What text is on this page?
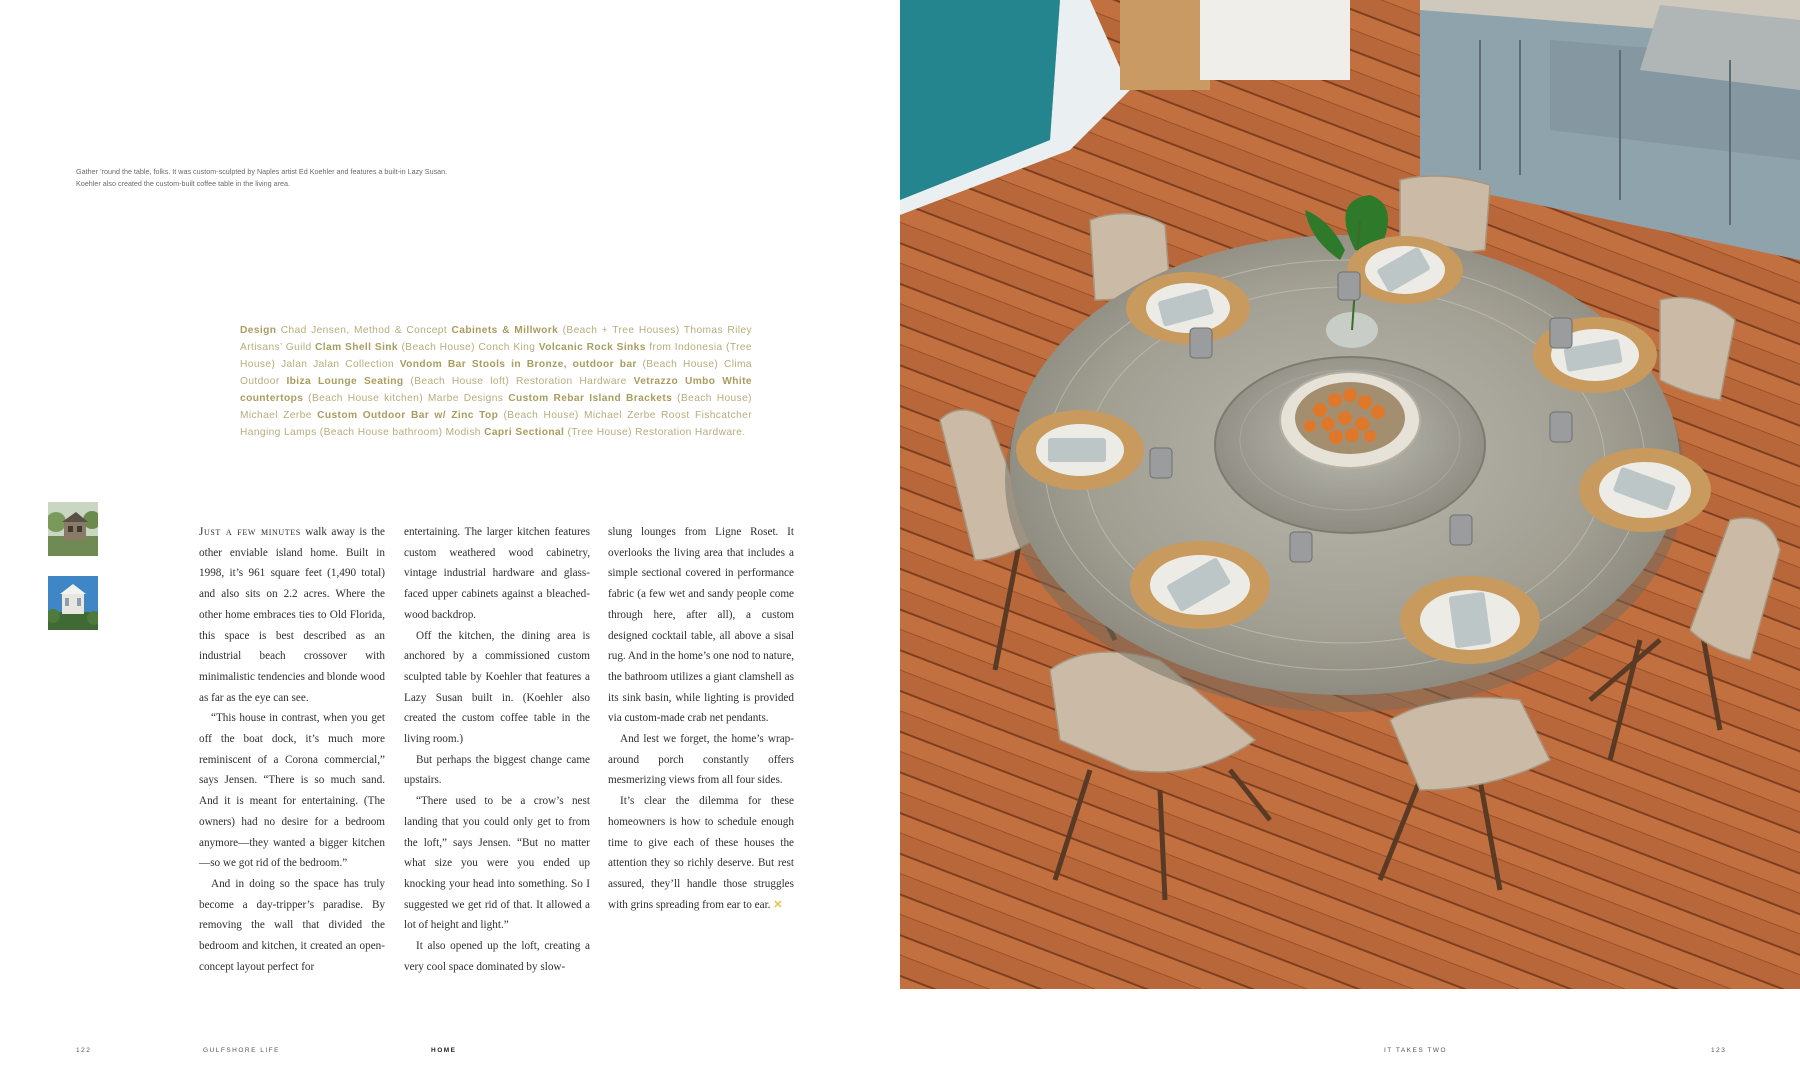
Gather ’round the table, folks. It was custom-sculpted by Naples artist Ed Koehler and features a built-in Lazy Susan. Koehler also created the custom-built coffee table in the living area.
Design Chad Jensen, Method & Concept Cabinets & Millwork (Beach + Tree Houses) Thomas Riley Artisans’ Guild Clam Shell Sink (Beach House) Conch King Volcanic Rock Sinks from Indonesia (Tree House) Jalan Jalan Collection Vondom Bar Stools in Bronze, outdoor bar (Beach House) Clima Outdoor Ibiza Lounge Seating (Beach House loft) Restoration Hardware Vetrazzo Umbo White countertops (Beach House kitchen) Marbe Designs Custom Rebar Island Brackets (Beach House) Michael Zerbe Custom Outdoor Bar w/ Zinc Top (Beach House) Michael Zerbe Roost Fishcatcher Hanging Lamps (Beach House bathroom) Modish Capri Sectional (Tree House) Restoration Hardware.

Just a few minutes walk away is the other enviable island home. Built in 1998, it’s 961 square feet (1,490 total) and also sits on 2.2 acres. Where the other home embraces ties to Old Florida, this space is best described as an industrial beach crossover with minimalistic tendencies and blonde wood as far as the eye can see.

“This house in contrast, when you get off the boat dock, it’s much more reminiscent of a Corona commercial,” says Jensen. “There is so much sand. And it is meant for entertaining. (The owners) had no desire for a bedroom anymore—they wanted a bigger kitchen—so we got rid of the bedroom.”

And in doing so the space has truly become a day-tripper’s paradise. By removing the wall that divided the bedroom and kitchen, it created an open-concept layout perfect for

entertaining. The larger kitchen features custom weathered wood cabinetry, vintage industrial hardware and glass-faced upper cabinets against a bleached-wood backdrop.

Off the kitchen, the dining area is anchored by a commissioned custom sculpted table by Koehler that features a Lazy Susan built in. (Koehler also created the custom coffee table in the living room.)

But perhaps the biggest change came upstairs.

“There used to be a crow’s nest landing that you could only get to from the loft,” says Jensen. “But no matter what size you were you ended up knocking your head into something. So I suggested we get rid of that. It allowed a lot of height and light.”

It also opened up the loft, creating a very cool space dominated by slow-

slung lounges from Ligne Roset. It overlooks the living area that includes a simple sectional covered in performance fabric (a few wet and sandy people come through here, after all), a custom designed cocktail table, all above a sisal rug. And in the home’s one nod to nature, the bathroom utilizes a giant clamshell as its sink basin, while lighting is provided via custom-made crab net pendants.

And lest we forget, the home’s wrap-around porch constantly offers mesmerizing views from all four sides.

It’s clear the dilemma for these homeowners is how to schedule enough time to give each of these houses the attention they so richly deserve. But rest assured, they’ll handle those struggles with grins spreading from ear to ear. ✕

122	GULFSHORE LIFE	HOME	IT TAKES TWO	123
